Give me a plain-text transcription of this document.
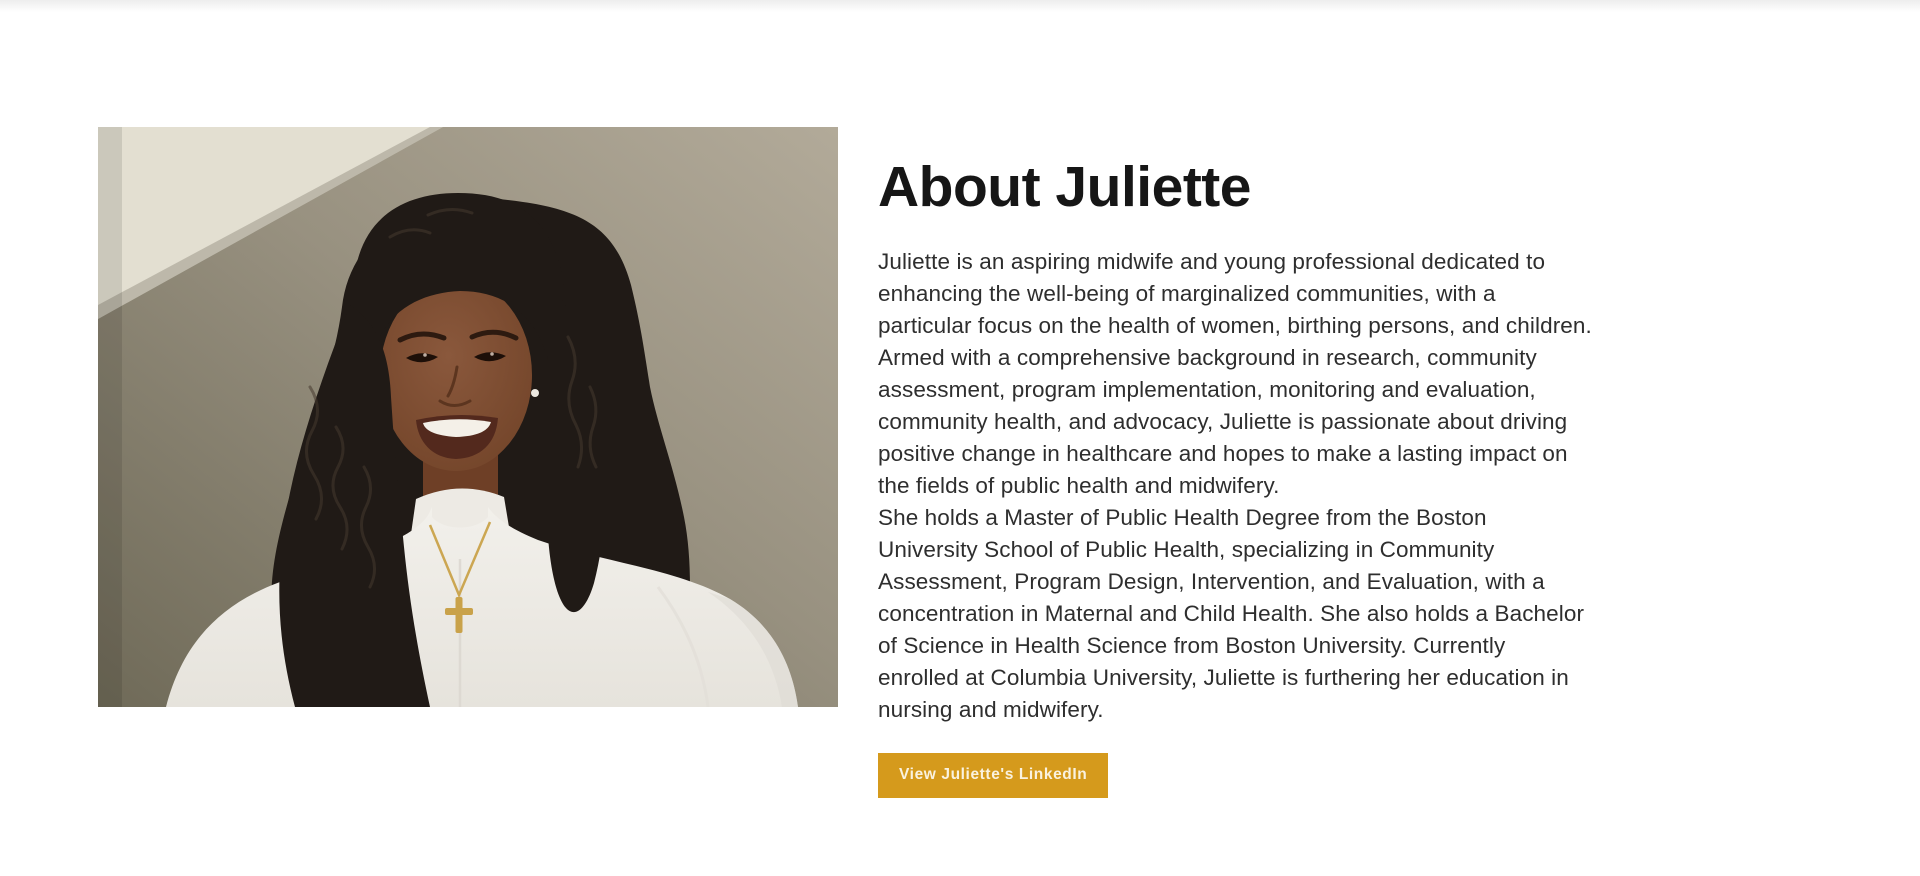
About Juliette
Juliette is an aspiring midwife and young professional dedicated to enhancing the well-being of marginalized communities, with a particular focus on the health of women, birthing persons, and children. Armed with a comprehensive background in research, community assessment, program implementation, monitoring and evaluation, community health, and advocacy, Juliette is passionate about driving positive change in healthcare and hopes to make a lasting impact on the fields of public health and midwifery.
She holds a Master of Public Health Degree from the Boston University School of Public Health, specializing in Community Assessment, Program Design, Intervention, and Evaluation, with a concentration in Maternal and Child Health. She also holds a Bachelor of Science in Health Science from Boston University. Currently enrolled at Columbia University, Juliette is furthering her education in nursing and midwifery.
View Juliette's LinkedIn
